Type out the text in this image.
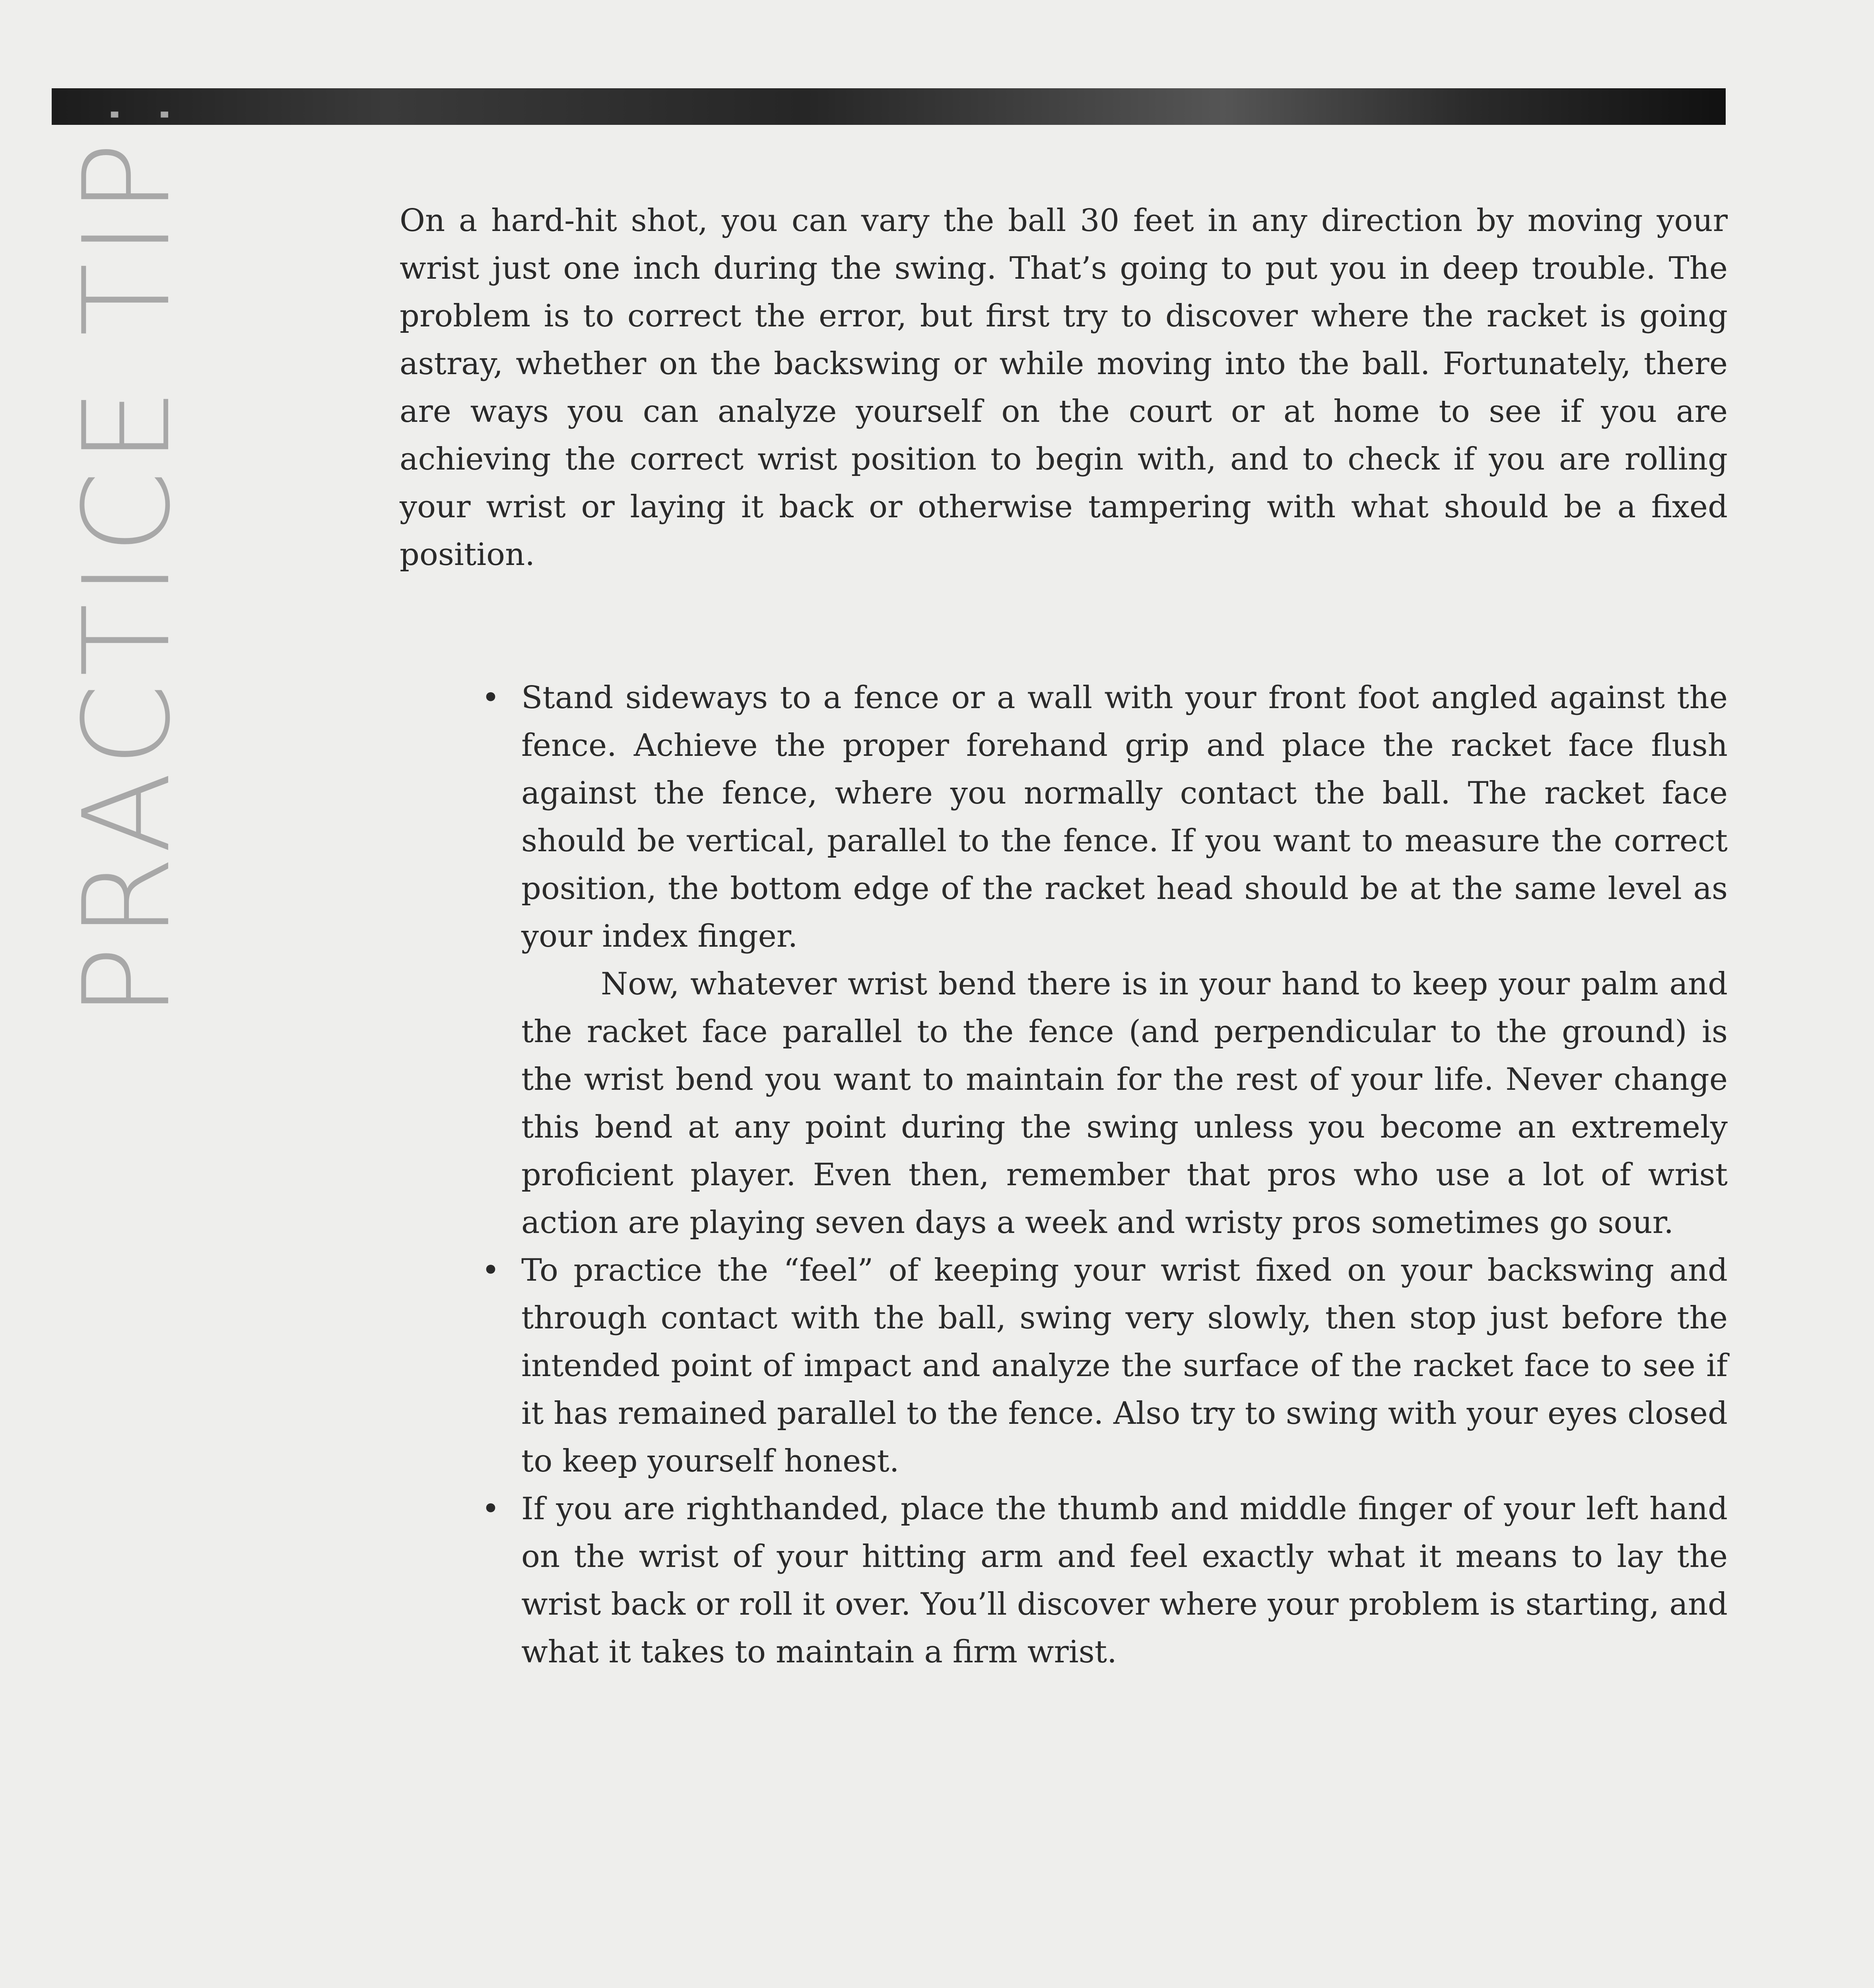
PRACTICE TIP:	On a hard-hit shot, you can vary the ball 30 feet in any direction by moving your wrist just one inch during the swing. That’s going to put you in deep trouble. The problem is to correct the error, but first try to discover where the racket is going astray, whether on the backswing or while moving into the ball. Fortunately, there are ways you can analyze yourself on the court or at home to see if you are achieving the correct wrist position to begin with, and to check if you are rolling your wrist or laying it back or otherwise tampering with what should be a fixed position.

• Stand sideways to a fence or a wall with your front foot angled against the fence. Achieve the proper forehand grip and place the racket face flush against the fence, where you normally contact the ball. The racket face should be vertical, parallel to the fence. If you want to measure the correct position, the bottom edge of the racket head should be at the same level as your index finger.

Now, whatever wrist bend there is in your hand to keep your palm and the racket face parallel to the fence (and perpendicular to the ground) is the wrist bend you want to maintain for the rest of your life. Never change this bend at any point during the swing unless you become an extremely proficient player. Even then, remember that pros who use a lot of wrist action are playing seven days a week and wristy pros sometimes go sour.

• To practice the “feel” of keeping your wrist fixed on your backswing and through contact with the ball, swing very slowly, then stop just before the intended point of impact and analyze the surface of the racket face to see if it has remained parallel to the fence. Also try to swing with your eyes closed to keep yourself honest.

• If you are righthanded, place the thumb and middle finger of your left hand on the wrist of your hitting arm and feel exactly what it means to lay the wrist back or roll it over. You’ll discover where your problem is starting, and what it takes to maintain a firm wrist.
